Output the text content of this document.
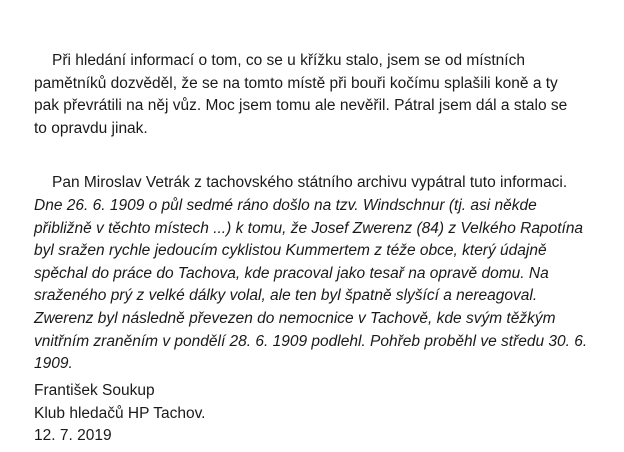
Při hledání informací o tom, co se u křížku stalo, jsem se od místních
pamětníků dozvěděl, že se na tomto místě při bouři kočímu splašili koně a ty
pak převrátili na něj vůz. Moc jsem tomu ale nevěřil. Pátral jsem dál a stalo se
to opravdu jinak.

Pan Miroslav Vetrák z tachovského státního archivu vypátral tuto informaci.

Dne 26. 6. 1909 o půl sedmé ráno došlo na tzv. Windschnur (tj. asi někde
přibližně v těchto místech ...) k tomu, že Josef Zwerenz (84) z Velkého Rapotína
byl sražen rychle jedoucím cyklistou Kummertem z téže obce, který údajně
spěchal do práce do Tachova, kde pracoval jako tesař na opravě domu. Na
sraženého prý z velké dálky volal, ale ten byl špatně slyšící a nereagoval.
Zwerenz byl následně převezen do nemocnice v Tachově, kde svým těžkým
vnitřním zraněním v pondělí 28. 6. 1909 podlehl. Pohřeb proběhl ve středu 30. 6.
1909.

František Soukup
Klub hledačů HP Tachov.
12. 7. 2019
